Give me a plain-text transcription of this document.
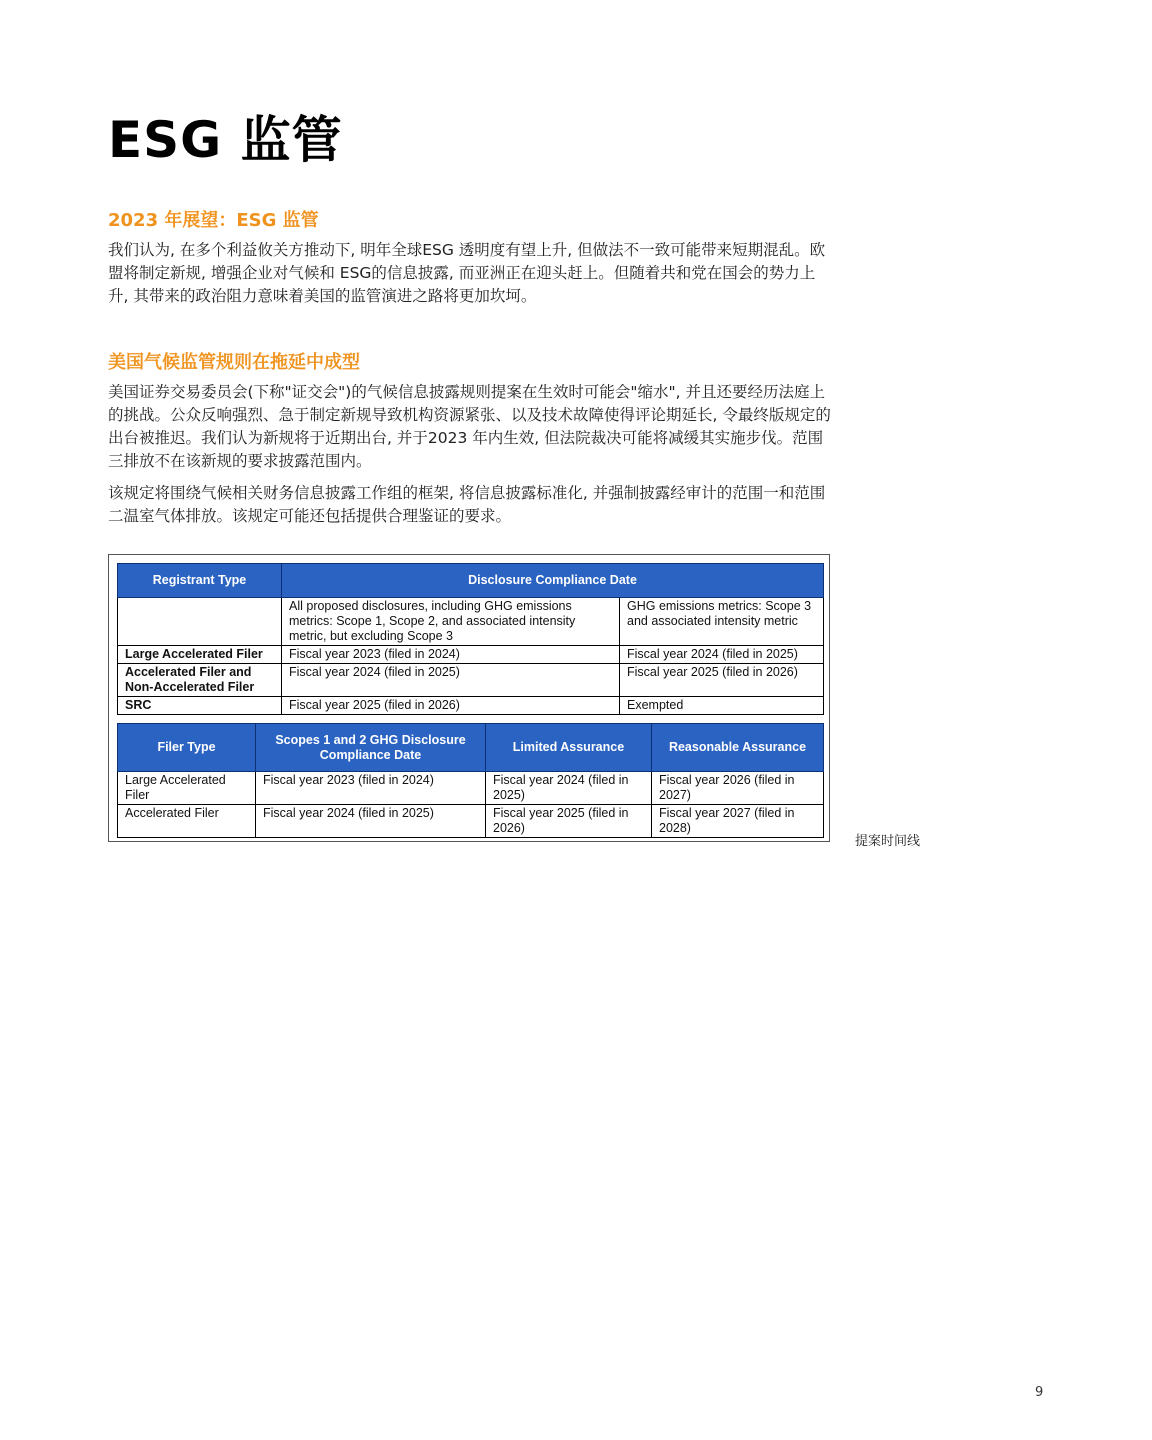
ESG 监管
2023 年展望：ESG 监管

我们认为, 在多个利益攸关方推动下, 明年全球ESG 透明度有望上升, 但做法不一致可能带来短期混乱。欧盟将制定新规, 增强企业对气候和 ESG的信息披露, 而亚洲正在迎头赶上。但随着共和党在国会的势力上升, 其带来的政治阻力意味着美国的监管演进之路将更加坎坷。

美国气候监管规则在拖延中成型

美国证券交易委员会(下称"证交会")的气候信息披露规则提案在生效时可能会"缩水", 并且还要经历法庭上的挑战。公众反响强烈、急于制定新规导致机构资源紧张、以及技术故障使得评论期延长, 令最终版规定的出台被推迟。我们认为新规将于近期出台, 并于2023 年内生效, 但法院裁决可能将减缓其实施步伐。范围三排放不在该新规的要求披露范围内。

该规定将围绕气候相关财务信息披露工作组的框架, 将信息披露标准化, 并强制披露经审计的范围一和范围二温室气体排放。该规定可能还包括提供合理鉴证的要求。

Registrant Type	Disclosure Compliance Date	
	All proposed disclosures, including GHG emissions metrics: Scope 1, Scope 2, and associated intensity metric, but excluding Scope 3	GHG emissions metrics: Scope 3 and associated intensity metric
Large Accelerated Filer	Fiscal year 2023 (filed in 2024)	Fiscal year 2024 (filed in 2025)
Accelerated Filer and Non-Accelerated Filer	Fiscal year 2024 (filed in 2025)	Fiscal year 2025 (filed in 2026)
SRC	Fiscal year 2025 (filed in 2026)	Exempted
Filer Type	Scopes 1 and 2 GHG Disclosure Compliance Date	Limited Assurance	Reasonable Assurance
Large Accelerated Filer	Fiscal year 2023 (filed in 2024)	Fiscal year 2024 (filed in 2025)	Fiscal year 2026 (filed in 2027)
Accelerated Filer	Fiscal year 2024 (filed in 2025)	Fiscal year 2025 (filed in 2026)	Fiscal year 2027 (filed in 2028)
提案时间线
9
